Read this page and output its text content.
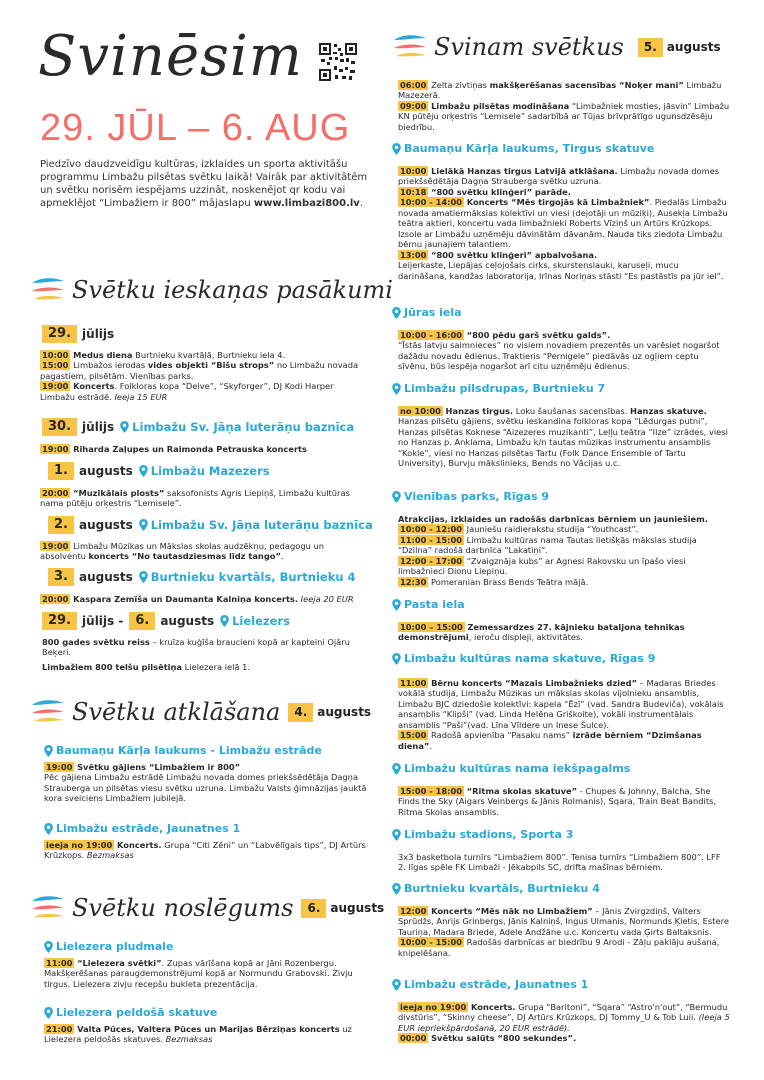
Svinēsim
29. JŪL – 6. AUG
Piedzīvo daudzveidīgu kultūras, izklaides un sporta aktivitāšu programmu Limbažu pilsētas svētku laikā! Vairāk par aktivitātēm un svētku norisēm iespējams uzzināt, noskenējot qr kodu vai apmeklējot “Limbažiem ir 800” mājaslapu www.limbazi800.lv.
Svētku ieskaņas pasākumi
29. jūlijs
10:00 Medus diena Burtnieku kvartālā, Burtnieku iela 4.
15:00 Limbažos ierodas vides objekti “Bišu strops” no Limbažu novada pagastiem, pilsētām. Vienības parks.
19:00 Koncerts. Folkloras kopa “Delve”, “Skyforger”, DJ Kodi Harper Limbažu estrādē. Ieeja 15 EUR
30. jūlijs Limbažu Sv. Jāņa luterāņu baznīca
19:00 Riharda Zaļupes un Raimonda Petrauska koncerts
1. augusts Limbažu Mazezers
20:00 “Muzikālais plosts” saksofonists Agris Liepiņš, Limbažu kultūras nama pūtēju orķestris “Lemisele”.
2. augusts Limbažu Sv. Jāņa luterāņu baznīca
19:00 Limbažu Mūzikas un Mākslas skolas audzēkņu, pedagogu un absolventu koncerts “No tautasdziesmas līdz tango”.
3. augusts Burtnieku kvartāls, Burtnieku 4
20:00 Kaspara Zemīša un Daumanta Kalniņa koncerts. Ieeja 20 EUR
29. jūlijs - 6. augusts Lielezers
800 gades svētku reiss – kruīza kuģīša braucieni kopā ar kapteini Ojāru Beķeri.
Limbažiem 800 telšu pilsētiņa Lielezera ielā 1.
Svētku atklāšana	4. augusts
Baumaņu Kārļa laukums - Limbažu estrāde
19:00 Svētku gājiens “Limbažiem ir 800”
Pēc gājiena Limbažu estrādē Limbažu novada domes priekšsēdētāja Dagņa Strauberga un pilsētas viesu svētku uzruna. Limbažu Valsts ģimnāzijas jauktā kora sveiciens Limbažiem jubilejā.
Limbažu estrāde, Jaunatnes 1
ieeja no 19:00 Koncerts. Grupa “Citi Zēni” un “Labvēlīgais tips”, DJ Artūrs Krūzkops. Bezmaksas
Svētku noslēgums	6. augusts
Lielezera pludmale
11:00 “Lielezera svētki”. Zupas vārīšana kopā ar Jāni Rozenbergu. Makšķerēšanas paraugdemonstrējumi kopā ar Normundu Grabovski. Zivju tirgus. Lielezera zivju recepšu bukleta prezentācija.
Lielezera peldošā skatuve
21:00 Valta Pūces, Valtera Pūces un Marijas Bērziņas koncerts uz Lielezera peldošās skatuves. Bezmaksas
Svinam svētkus	5. augusts
06:00 Zelta zivtiņas makšķerēšanas sacensības “Noķer mani” Limbažu Mazezerā.
09:00 Limbažu pilsētas modināšana “Limbažniek mosties, jāsvin” Limbažu KN pūtēju orķestris “Lemisele” sadarbībā ar Tūjas brīvprātīgo ugunsdzēsēju biedrību.
Baumaņu Kārļa laukums, Tirgus skatuve
10:00 Lielākā Hanzas tirgus Latvijā atklāšana. Limbažu novada domes priekšsēdētāja Dagņa Strauberga svētku uzruna.
10:18 “800 svētku klinģeri” parāde.
10:00 - 14:00 Koncerts “Mēs tirgojās kā Limbažniek”. Piedalās Limbažu novada amatiermākslas kolektīvi un viesi (dejotāji un mūziķi), Ausekļa Limbažu teātra aktieri, koncertu vada limbažnieki Roberts Vīziņš un Artūrs Krūzkops. Izsole ar Limbažu uzņēmēju dāvinātām dāvanām. Nauda tiks ziedota Limbažu bērnu jaunajiem talantiem.
13:00 “800 svētku klinģeri” apbalvošana.
Leijerkaste, Liepājas ceļojošais cirks, skurstenslauki, karuseļi, mucu darināšana, kandžas laboratorija, Irīnas Noriņas stāsti “Es pastāstīs pa jūr iel”.
Jūras iela
10:00 - 16:00 “800 pēdu garš svētku galds”.
“Īstās latvju saimnieces” no visiem novadiem prezentēs un varēsiet nogaršot dažādu novadu ēdienus. Traktieris “Pernigele” piedāvās uz ogļiem ceptu sīvēnu, būs iespēja nogaršot arī citu uzņēmēju ēdienus.
Limbažu pilsdrupas, Burtnieku 7
no 10:00 Hanzas tirgus. Loku šaušanas sacensības. Hanzas skatuve. Hanzas pilsētu gājiens, svētku ieskandina folkloras kopa “Lēdurgas putni”, Hanzas pilsētas Koknese “Aizezeres muzikanti”, Leļļu teātra “Ilze” izrādes, viesi no Hanzas p. Anklama, Limbažu k/n tautas mūzikas instrumentu ansamblis “Kokle”, viesi no Hanzas pilsētas Tartu (Folk Dance Ensemble of Tartu University), Burvju mākslinieks, Bends no Vācijas u.c.
Vienības parks, Rīgas 9
Atrakcijas, izklaides un radošās darbnīcas bērniem un jauniešiem.
10:00 - 12:00 Jauniešu raidierakstu studija “Youthcast”.
11:00 - 15:00 Limbažu kultūras nama Tautas lietišķās mākslas studija “Dzilna” radošā darbnīca “Lakatiņi”.
12:00 - 17:00 “Zvaigznāja kubs” ar Agnesi Rakovsku un īpašo viesi limbažnieci Dionu Liepiņu.
12:30 Pomeranian Brass Bends Teātra mājā.
Pasta iela
10:00 – 15:00 Zemessardzes 27. kājnieku bataljona tehnikas demonstrējumi, ieroču displeji, aktivitātes.
Limbažu kultūras nama skatuve, Rīgas 9
11:00 Bērnu koncerts “Mazais Limbažnieks dzied” – Madaras Briedes vokālā studija, Limbažu Mūzikas un mākslas skolas vijolnieku ansamblis, Limbažu BJC dziedošie kolektīvi: kapela “Ēzī” (vad. Sandra Budeviča), vokālais ansamblis “Klipši” (vad. Linda Helēna Griškoite), vokāli instrumentālais ansamblis “Paši”(vad. Līna Vīldere un Inese Šulce).
15:00 Radošā apvienība “Pasaku nams” izrāde bērniem “Dzimšanas diena”.
Limbažu kultūras nama iekšpagalms
15:00 - 18:00 “Ritma skolas skatuve” - Chupes & Johnny, Balcha, She Finds the Sky (Aigars Veinbergs & Jānis Rolmanis), Sqara, Train Beat Bandits, Ritma Skolas ansamblis.
Limbažu stadions, Sporta 3
3x3 basketbola turnīrs “Limbažiem 800”. Tenisa turnīrs “Limbažiem 800”. LFF 2. līgas spēle FK Limbaži - Jēkabpils SC, drifta mašīnas bērniem.
Burtnieku kvartāls, Burtnieku 4
12:00 Koncerts “Mēs nāk no Limbažiem” – Jānis Zvirgzdiņš, Valters Sprūdžs, Anrijs Grinbergs, Jānis Kalniņš, Ingus Ulmanis, Normunds Ķietis, Estere Tauriņa, Madara Briede, Adele Andžāne u.c. Koncertu vada Ģirts Baltaksnis.
10:00 - 15:00 Radošās darbnīcas ar biedrību 9 Arodi - Zāļu paklāju aušana, knipelēšana.
Limbažu estrāde, Jaunatnes 1
ieeja no 19:00 Koncerts. Grupa “Baritoni”, “Sqara” “Astro'n'out”, “Bermudu divstūris”, “Skinny cheese”, DJ Artūrs Krūzkops, DJ Tommy_U & Tob Luii. (Ieeja 5 EUR iepriekšpārdošanā, 20 EUR estrādē).
00:00 Svētku salūts “800 sekundes”.
